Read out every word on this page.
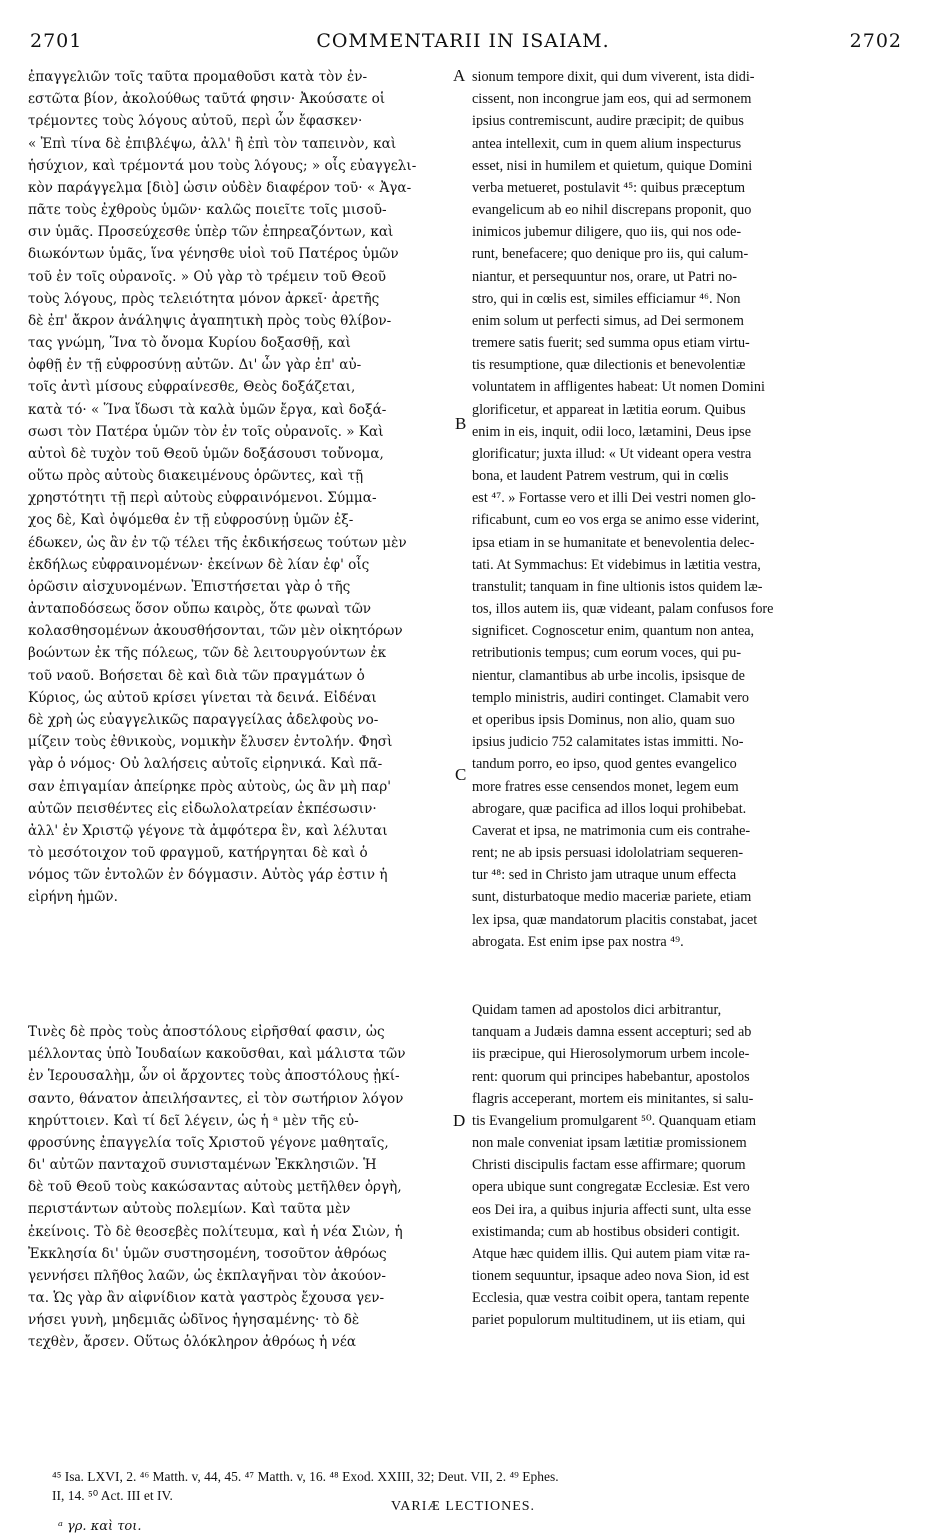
2701	COMMENTARII IN ISAIAM.	2702
ἐπαγγελιῶν τοῖς ταῦτα προμαθοῦσι κατὰ τὸν ἐν-
εστῶτα βίον, ἀκολούθως ταῦτά φησιν· Ἀκούσατε οἱ
τρέμοντες τοὺς λόγους αὐτοῦ, περὶ ὧν ἔφασκεν·
« Ἐπὶ τίνα δὲ ἐπιβλέψω, ἀλλ' ἢ ἐπὶ τὸν ταπεινὸν, καὶ
ἡσύχιον, καὶ τρέμοντά μου τοὺς λόγους; » οἷς εὐαγγελι-
κὸν παράγγελμα [διὸ] ὡσιν οὐδὲν διαφέρον τοῦ· « Ἀγα-
πᾶτε τοὺς ἐχθροὺς ὑμῶν· καλῶς ποιεῖτε τοῖς μισοῦ-
σιν ὑμᾶς. Προσεύχεσθε ὑπὲρ τῶν ἐπηρεαζόντων, καὶ
διωκόντων ὑμᾶς, ἵνα γένησθε υἱοὶ τοῦ Πατέρος ὑμῶν
τοῦ ἐν τοῖς οὐρανοῖς. » Οὐ γὰρ τὸ τρέμειν τοῦ Θεοῦ
τοὺς λόγους, πρὸς τελειότητα μόνον ἀρκεῖ· ἀρετῆς
δὲ ἐπ' ἄκρον ἀνάληψις ἀγαπητικὴ πρὸς τοὺς θλίβον-
τας γνώμη, Ἵνα τὸ ὄνομα Κυρίου δοξασθῇ, καὶ
ὀφθῇ ἐν τῇ εὐφροσύνῃ αὐτῶν. Δι' ὧν γὰρ ἐπ' αὐ-
τοῖς ἀντὶ μίσους εὐφραίνεσθε, Θεὸς δοξάζεται,
κατὰ τό· « Ἵνα ἴδωσι τὰ καλὰ ὑμῶν ἔργα, καὶ δοξά-
σωσι τὸν Πατέρα ὑμῶν τὸν ἐν τοῖς οὐρανοῖς. » Καὶ
αὐτοὶ δὲ τυχὸν τοῦ Θεοῦ ὑμῶν δοξάσουσι τοὔνομα,
οὕτω πρὸς αὐτοὺς διακειμένους ὁρῶντες, καὶ τῇ
χρηστότητι τῇ περὶ αὐτοὺς εὐφραινόμενοι. Σύμμα-
χος δὲ, Καὶ ὀψόμεθα ἐν τῇ εὐφροσύνῃ ὑμῶν ἐξ-
έδωκεν, ὡς ἂν ἐν τῷ τέλει τῆς ἐκδικήσεως τούτων μὲν
ἐκδήλως εὐφραινομένων· ἐκείνων δὲ λίαν ἐφ' οἷς
ὁρῶσιν αἰσχυνομένων. Ἐπιστήσεται γὰρ ὁ τῆς
ἀνταποδόσεως ὅσον οὔπω καιρὸς, ὅτε φωναὶ τῶν
κολασθησομένων ἀκουσθήσονται, τῶν μὲν οἰκητόρων
βοώντων ἐκ τῆς πόλεως, τῶν δὲ λειτουργούντων ἐκ
τοῦ ναοῦ. Βοήσεται δὲ καὶ διὰ τῶν πραγμάτων ὁ
Κύριος, ὡς αὐτοῦ κρίσει γίνεται τὰ δεινά. Εἰδέναι
δὲ χρὴ ὡς εὐαγγελικῶς παραγγείλας ἀδελφοὺς νο-
μίζειν τοὺς ἐθνικοὺς, νομικὴν ἔλυσεν ἐντολήν. Φησὶ
γὰρ ὁ νόμος· Οὐ λαλήσεις αὐτοῖς εἰρηνικά. Καὶ πᾶ-
σαν ἐπιγαμίαν ἀπείρηκε πρὸς αὐτοὺς, ὡς ἂν μὴ παρ'
αὐτῶν πεισθέντες εἰς εἰδωλολατρείαν ἐκπέσωσιν·
ἀλλ' ἐν Χριστῷ γέγονε τὰ ἀμφότερα ἓν, καὶ λέλυται
τὸ μεσότοιχον τοῦ φραγμοῦ, κατήργηται δὲ καὶ ὁ
νόμος τῶν ἐντολῶν ἐν δόγμασιν. Αὐτὸς γάρ ἐστιν ἡ
εἰρήνη ἡμῶν.
Τινὲς δὲ πρὸς τοὺς ἀποστόλους εἰρῆσθαί φασιν, ὡς
μέλλοντας ὑπὸ Ἰουδαίων κακοῦσθαι, καὶ μάλιστα τῶν
ἐν Ἱερουσαλὴμ, ὧν οἱ ἄρχοντες τοὺς ἀποστόλους ᾐκί-
σαντο, θάνατον ἀπειλήσαντες, εἰ τὸν σωτήριον λόγον
κηρύττοιεν. Καὶ τί δεῖ λέγειν, ὡς ἡ ᵃ μὲν τῆς εὐ-
φροσύνης ἐπαγγελία τοῖς Χριστοῦ γέγονε μαθηταῖς,
δι' αὐτῶν πανταχοῦ συνισταμένων Ἐκκλησιῶν. Ἡ
δὲ τοῦ Θεοῦ τοὺς κακώσαντας αὐτοὺς μετῆλθεν ὀργὴ,
περιστάντων αὐτοὺς πολεμίων. Καὶ ταῦτα μὲν
ἐκείνοις. Τὸ δὲ θεοσεβὲς πολίτευμα, καὶ ἡ νέα Σιὼν, ἡ
Ἐκκλησία δι' ὑμῶν συστησομένη, τοσοῦτον ἀθρόως
γεννήσει πλῆθος λαῶν, ὡς ἐκπλαγῆναι τὸν ἀκούον-
τα. Ὡς γὰρ ἂν αἰφνίδιον κατὰ γαστρὸς ἔχουσα γεν-
νήσει γυνὴ, μηδεμιᾶς ὠδῖνος ἡγησαμένης· τὸ δὲ
τεχθὲν, ἄρσεν. Οὕτως ὁλόκληρον ἀθρόως ἡ νέα
sionum tempore dixit, qui dum viverent, ista didi-
cissent, non incongrue jam eos, qui ad sermonem
ipsius contremiscunt, audire præcipit; de quibus
antea intellexit, cum in quem alium inspecturus
esset, nisi in humilem et quietum, quique Domini
verba metueret, postulavit ⁴⁵: quibus præceptum
evangelicum ab eo nihil discrepans proponit, quo
inimicos jubemur diligere, quo iis, qui nos ode-
runt, benefacere; quo denique pro iis, qui calum-
niantur, et persequuntur nos, orare, ut Patri no-
stro, qui in cœlis est, similes efficiamur ⁴⁶. Non
enim solum ut perfecti simus, ad Dei sermonem
tremere satis fuerit; sed summa opus etiam virtu-
tis resumptione, quæ dilectionis et benevolentiæ
voluntatem in affligentes habeat: Ut nomen Domini
glorificetur, et appareat in lætitia eorum. Quibus
enim in eis, inquit, odii loco, lætamini, Deus ipse
glorificatur; juxta illud: « Ut videant opera vestra
bona, et laudent Patrem vestrum, qui in cœlis
est ⁴⁷. » Fortasse vero et illi Dei vestri nomen glo-
rificabunt, cum eo vos erga se animo esse viderint,
ipsa etiam in se humanitate et benevolentia delec-
tati. At Symmachus: Et videbimus in lætitia vestra,
transtulit; tanquam in fine ultionis istos quidem læ-
tos, illos autem iis, quæ videant, palam confusos fore
significet. Cognoscetur enim, quantum non antea,
retributionis tempus; cum eorum voces, qui pu-
nientur, clamantibus ab urbe incolis, ipsisque de
templo ministris, audiri continget. Clamabit vero
et operibus ipsis Dominus, non alio, quam suo
ipsius judicio 752 calamitates istas immitti. No-
tandum porro, eo ipso, quod gentes evangelico
more fratres esse censendos monet, legem eum
abrogare, quæ pacifica ad illos loqui prohibebat.
Caverat et ipsa, ne matrimonia cum eis contrahe-
rent; ne ab ipsis persuasi idololatriam sequeren-
tur ⁴⁸: sed in Christo jam utraque unum effecta
sunt, disturbatoque medio maceriæ pariete, etiam
lex ipsa, quæ mandatorum placitis constabat, jacet
abrogata. Est enim ipse pax nostra ⁴⁹.
Quidam tamen ad apostolos dici arbitrantur,
tanquam a Judæis damna essent accepturi; sed ab
iis præcipue, qui Hierosolymorum urbem incole-
rent: quorum qui principes habebantur, apostolos
flagris acceperant, mortem eis minitantes, si salu-
tis Evangelium promulgarent ⁵⁰. Quanquam etiam
non male conveniat ipsam lætitiæ promissionem
Christi discipulis factam esse affirmare; quorum
opera ubique sunt congregatæ Ecclesiæ. Est vero
eos Dei ira, a quibus injuria affecti sunt, ulta esse
existimanda; cum ab hostibus obsideri contigit.
Atque hæc quidem illis. Qui autem piam vitæ ra-
tionem sequuntur, ipsaque adeo nova Sion, id est
Ecclesia, quæ vestra coibit opera, tantam repente
pariet populorum multitudinem, ut iis etiam, qui
A
B
C
D
⁴⁵ Isa. LXVI, 2. ⁴⁶ Matth. v, 44, 45. ⁴⁷ Matth. v, 16. ⁴⁸ Exod. XXIII, 32; Deut. VII, 2. ⁴⁹ Ephes.
II, 14. ⁵⁰ Act. III et IV.
VARIÆ LECTIONES.
ᵃ γρ. καὶ τοι.
